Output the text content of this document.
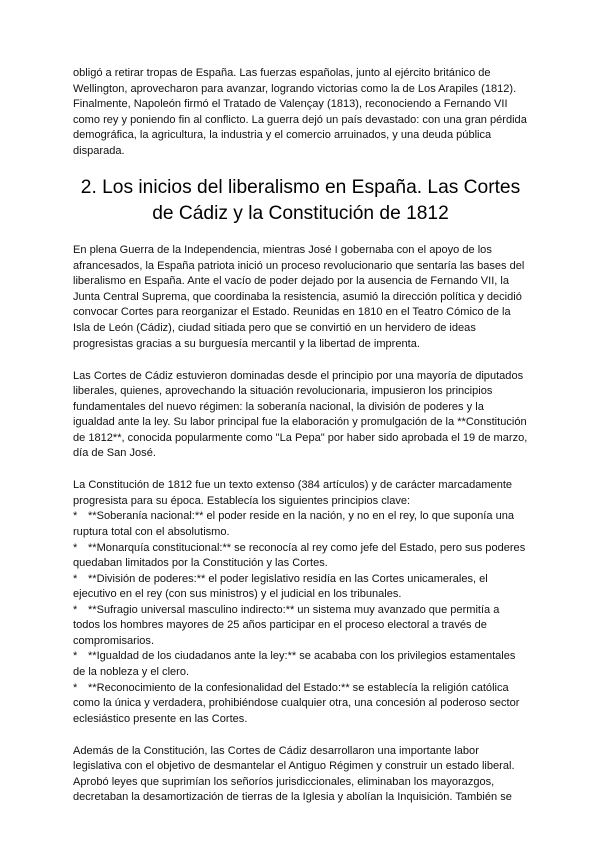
obligó a retirar tropas de España. Las fuerzas españolas, junto al ejército británico de Wellington, aprovecharon para avanzar, logrando victorias como la de Los Arapiles (1812). Finalmente, Napoleón firmó el Tratado de Valençay (1813), reconociendo a Fernando VII como rey y poniendo fin al conflicto. La guerra dejó un país devastado: con una gran pérdida demográfica, la agricultura, la industria y el comercio arruinados, y una deuda pública disparada.

2. Los inicios del liberalismo en España. Las Cortes de Cádiz y la Constitución de 1812

En plena Guerra de la Independencia, mientras José I gobernaba con el apoyo de los afrancesados, la España patriota inició un proceso revolucionario que sentaría las bases del liberalismo en España. Ante el vacío de poder dejado por la ausencia de Fernando VII, la Junta Central Suprema, que coordinaba la resistencia, asumió la dirección política y decidió convocar Cortes para reorganizar el Estado. Reunidas en 1810 en el Teatro Cómico de la Isla de León (Cádiz), ciudad sitiada pero que se convirtió en un hervidero de ideas progresistas gracias a su burguesía mercantil y la libertad de imprenta.

Las Cortes de Cádiz estuvieron dominadas desde el principio por una mayoría de diputados liberales, quienes, aprovechando la situación revolucionaria, impusieron los principios fundamentales del nuevo régimen: la soberanía nacional, la división de poderes y la igualdad ante la ley. Su labor principal fue la elaboración y promulgación de la **Constitución de 1812**, conocida popularmente como "La Pepa" por haber sido aprobada el 19 de marzo, día de San José.

La Constitución de 1812 fue un texto extenso (384 artículos) y de carácter marcadamente progresista para su época. Establecía los siguientes principios clave:

* **Soberanía nacional:** el poder reside en la nación, y no en el rey, lo que suponía una ruptura total con el absolutismo.
* **Monarquía constitucional:** se reconocía al rey como jefe del Estado, pero sus poderes quedaban limitados por la Constitución y las Cortes.
* **División de poderes:** el poder legislativo residía en las Cortes unicamerales, el ejecutivo en el rey (con sus ministros) y el judicial en los tribunales.
* **Sufragio universal masculino indirecto:** un sistema muy avanzado que permitía a todos los hombres mayores de 25 años participar en el proceso electoral a través de compromisarios.
* **Igualdad de los ciudadanos ante la ley:** se acababa con los privilegios estamentales de la nobleza y el clero.
* **Reconocimiento de la confesionalidad del Estado:** se establecía la religión católica como la única y verdadera, prohibiéndose cualquier otra, una concesión al poderoso sector eclesiástico presente en las Cortes.

Además de la Constitución, las Cortes de Cádiz desarrollaron una importante labor legislativa con el objetivo de desmantelar el Antiguo Régimen y construir un estado liberal. Aprobó leyes que suprimían los señoríos jurisdiccionales, eliminaban los mayorazgos, decretaban la desamortización de tierras de la Iglesia y abolían la Inquisición. También se
